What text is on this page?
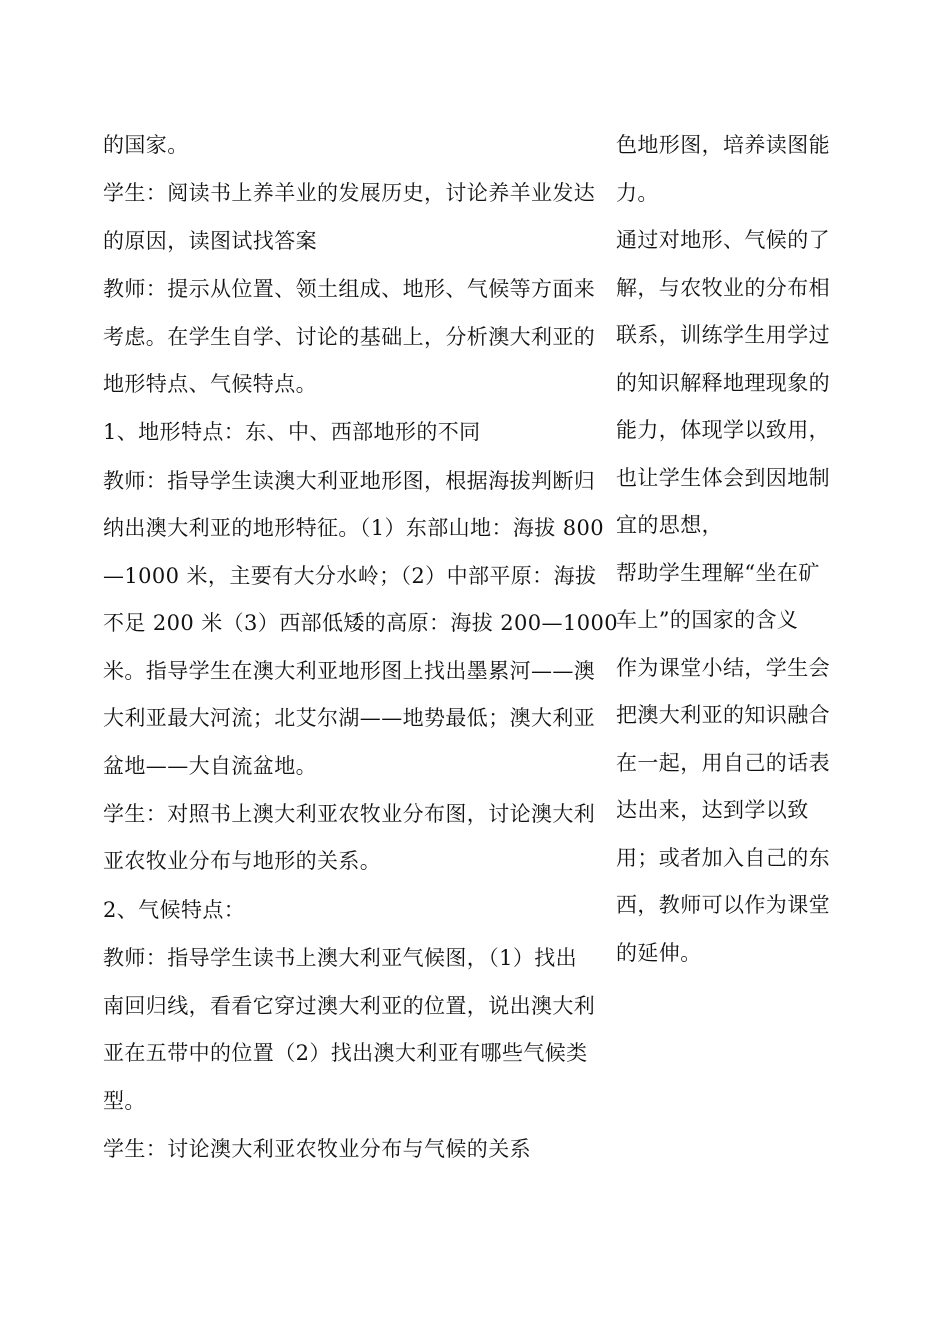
的国家。

学生：阅读书上养羊业的发展历史，讨论养羊业发达
的原因，读图试找答案

教师：提示从位置、领土组成、地形、气候等方面来
考虑。在学生自学、讨论的基础上，分析澳大利亚的
地形特点、气候特点。

1、地形特点：东、中、西部地形的不同

教师：指导学生读澳大利亚地形图，根据海拔判断归
纳出澳大利亚的地形特征。（1）东部山地：海拔 800
—1000 米，主要有大分水岭；（2）中部平原：海拔
不足 200 米（3）西部低矮的高原：海拔 200—1000
米。指导学生在澳大利亚地形图上找出墨累河——澳
大利亚最大河流；北艾尔湖——地势最低；澳大利亚
盆地——大自流盆地。

学生：对照书上澳大利亚农牧业分布图，讨论澳大利
亚农牧业分布与地形的关系。

2、气候特点：

教师：指导学生读书上澳大利亚气候图，（1）找出
南回归线，看看它穿过澳大利亚的位置，说出澳大利
亚在五带中的位置（2）找出澳大利亚有哪些气候类
型。

学生：讨论澳大利亚农牧业分布与气候的关系

色地形图，培养读图能
力。

通过对地形、气候的了
解，与农牧业的分布相
联系，训练学生用学过
的知识解释地理现象的
能力，体现学以致用，
也让学生体会到因地制
宜的思想，

帮助学生理解“坐在矿
车上”的国家的含义

作为课堂小结，学生会
把澳大利亚的知识融合
在一起，用自己的话表
达出来，达到学以致
用；或者加入自己的东
西，教师可以作为课堂
的延伸。
